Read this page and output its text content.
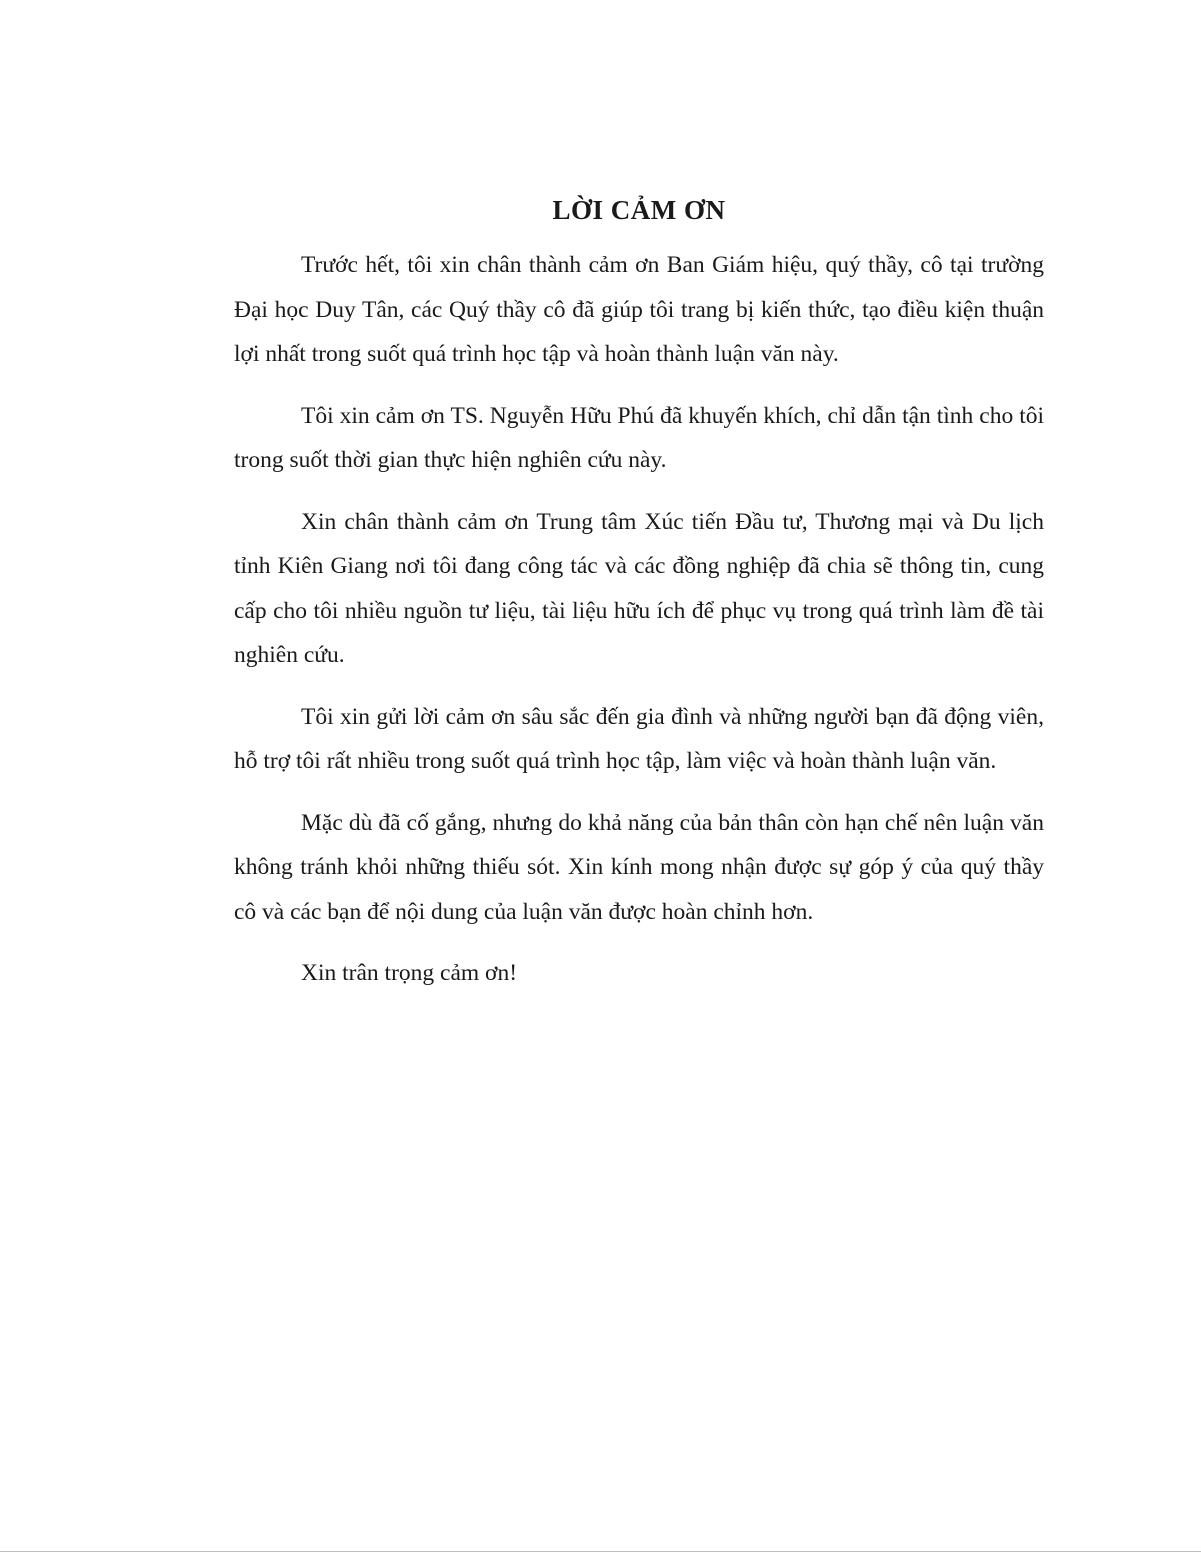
LỜI CẢM ƠN

Trước hết, tôi xin chân thành cảm ơn Ban Giám hiệu, quý thầy, cô tại trường Đại học Duy Tân, các Quý thầy cô đã giúp tôi trang bị kiến thức, tạo điều kiện thuận lợi nhất trong suốt quá trình học tập và hoàn thành luận văn này.

Tôi xin cảm ơn TS. Nguyễn Hữu Phú đã khuyến khích, chỉ dẫn tận tình cho tôi trong suốt thời gian thực hiện nghiên cứu này.

Xin chân thành cảm ơn Trung tâm Xúc tiến Đầu tư, Thương mại và Du lịch tỉnh Kiên Giang nơi tôi đang công tác và các đồng nghiệp đã chia sẽ thông tin, cung cấp cho tôi nhiều nguồn tư liệu, tài liệu hữu ích để phục vụ trong quá trình làm đề tài nghiên cứu.

Tôi xin gửi lời cảm ơn sâu sắc đến gia đình và những người bạn đã động viên, hỗ trợ tôi rất nhiều trong suốt quá trình học tập, làm việc và hoàn thành luận văn.

Mặc dù đã cố gắng, nhưng do khả năng của bản thân còn hạn chế nên luận văn không tránh khỏi những thiếu sót. Xin kính mong nhận được sự góp ý của quý thầy cô và các bạn để nội dung của luận văn được hoàn chỉnh hơn.

Xin trân trọng cảm ơn!
